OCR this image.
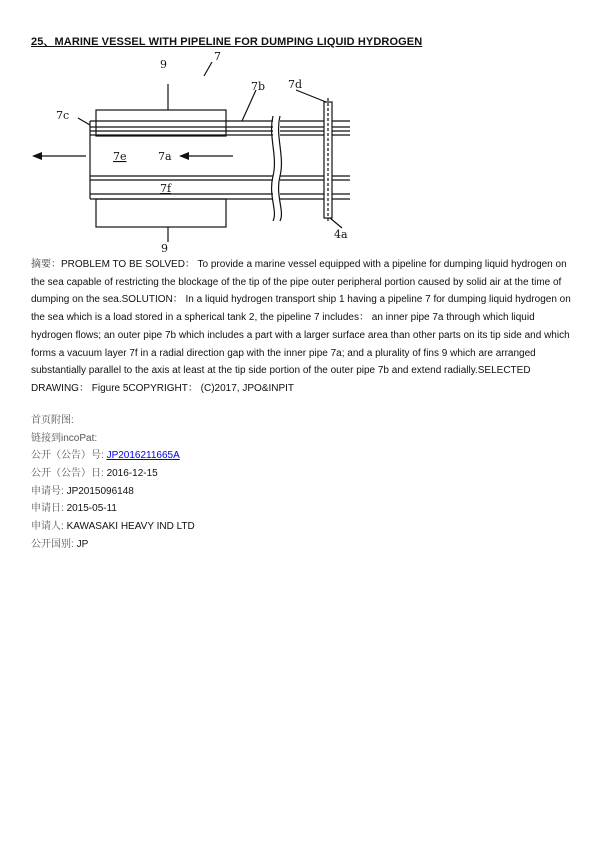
25、MARINE VESSEL WITH PIPELINE FOR DUMPING LIQUID HYDROGEN
9
7
7b 7d
7c
7e	7a
7f
4a
9
摘要：PROBLEM TO BE SOLVED： To provide a marine vessel equipped with a pipeline for dumping liquid hydrogen on the sea capable of restricting the blockage of the tip of the pipe outer peripheral portion caused by solid air at the time of dumping on the sea.SOLUTION： In a liquid hydrogen transport ship 1 having a pipeline 7 for dumping liquid hydrogen on the sea which is a load stored in a spherical tank 2, the pipeline 7 includes： an inner pipe 7a through which liquid hydrogen flows; an outer pipe 7b which includes a part with a larger surface area than other parts on its tip side and which forms a vacuum layer 7f in a radial direction gap with the inner pipe 7a; and a plurality of fins 9 which are arranged substantially parallel to the axis at least at the tip side portion of the outer pipe 7b and extend radially.SELECTED DRAWING： Figure 5COPYRIGHT： (C)2017, JPO&INPIT
首页附图:
链接到incoPat:
公开（公告）号: JP2016211665A
公开（公告）日: 2016-12-15
申请号: JP2015096148
申请日: 2015-05-11
申请人: KAWASAKI HEAVY IND LTD
公开国别: JP
